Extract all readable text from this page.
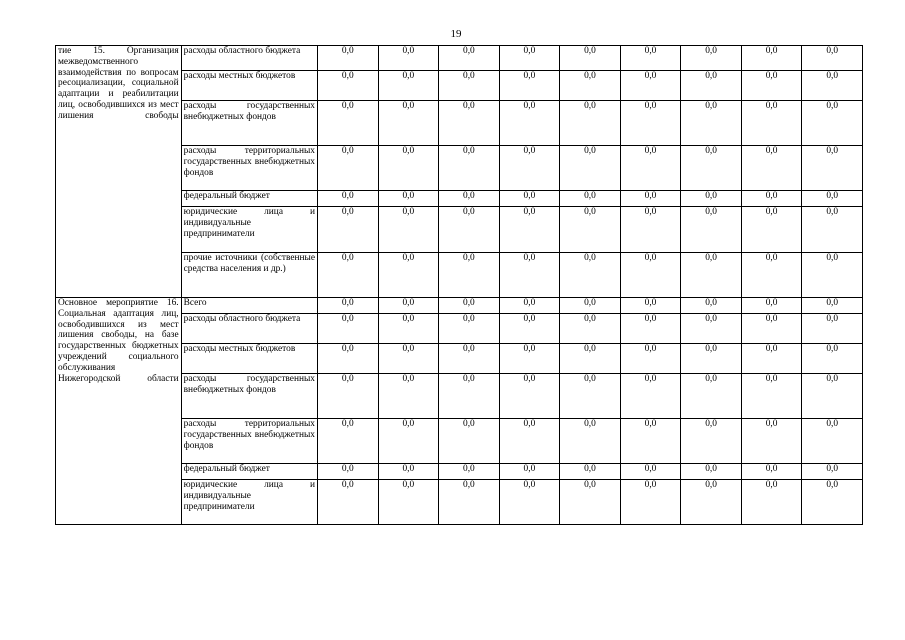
19
тие 15. Организация межведомственного взаимодействия по вопросам ресоциализации, социальной адаптации и реабилитации лиц, освободившихся из мест лишения свободы	расходы областного бюджета	0,0	0,0	0,0	0,0	0,0	0,0	0,0	0,0	0,0
	расходы местных бюджетов	0,0	0,0	0,0	0,0	0,0	0,0	0,0	0,0	0,0
	расходы государственных внебюджетных фондов	0,0	0,0	0,0	0,0	0,0	0,0	0,0	0,0	0,0
	расходы территориальных государственных внебюджетных фондов	0,0	0,0	0,0	0,0	0,0	0,0	0,0	0,0	0,0
	федеральный бюджет	0,0	0,0	0,0	0,0	0,0	0,0	0,0	0,0	0,0
	юридические лица и индивидуальные предприниматели	0,0	0,0	0,0	0,0	0,0	0,0	0,0	0,0	0,0
	прочие источники (собственные средства населения и др.)	0,0	0,0	0,0	0,0	0,0	0,0	0,0	0,0	0,0
Основное мероприятие 16. Социальная адаптация лиц, освободившихся из мест лишения свободы, на базе государственных бюджетных учреждений социального обслуживания Нижегородской области	Всего	0,0	0,0	0,0	0,0	0,0	0,0	0,0	0,0	0,0
	расходы областного бюджета	0,0	0,0	0,0	0,0	0,0	0,0	0,0	0,0	0,0
	расходы местных бюджетов	0,0	0,0	0,0	0,0	0,0	0,0	0,0	0,0	0,0
	расходы государственных внебюджетных фондов	0,0	0,0	0,0	0,0	0,0	0,0	0,0	0,0	0,0
	расходы территориальных государственных внебюджетных фондов	0,0	0,0	0,0	0,0	0,0	0,0	0,0	0,0	0,0
	федеральный бюджет	0,0	0,0	0,0	0,0	0,0	0,0	0,0	0,0	0,0
	юридические лица и индивидуальные предприниматели	0,0	0,0	0,0	0,0	0,0	0,0	0,0	0,0	0,0
